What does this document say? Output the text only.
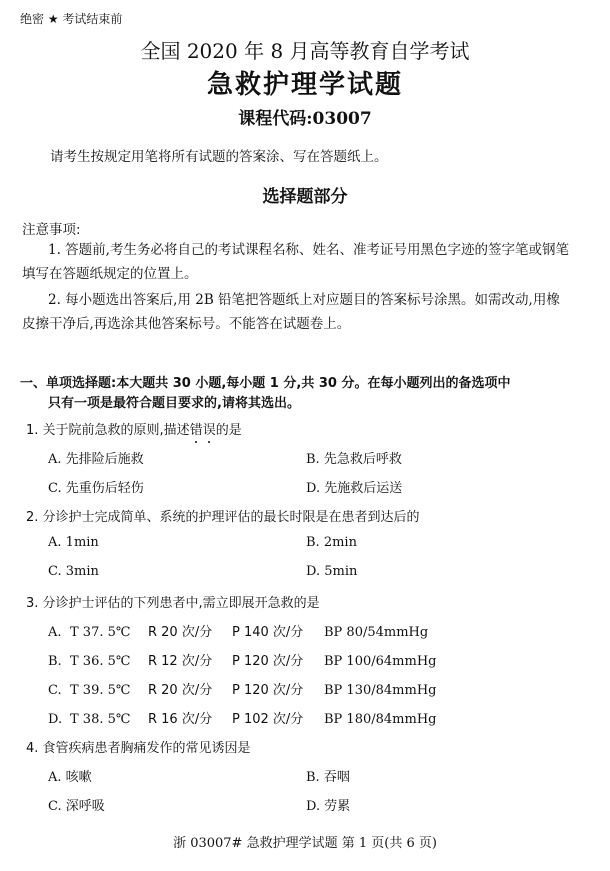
绝密 ★ 考试结束前
全国 2020 年 8 月高等教育自学考试
急救护理学试题
课程代码:03007
请考生按规定用笔将所有试题的答案涂、写在答题纸上。
选择题部分
注意事项:
1. 答题前,考生务必将自己的考试课程名称、姓名、准考证号用黑色字迹的签字笔或钢笔
填写在答题纸规定的位置上。
2. 每小题选出答案后,用 2B 铅笔把答题纸上对应题目的答案标号涂黑。如需改动,用橡
皮擦干净后,再选涂其他答案标号。不能答在试题卷上。
一、单项选择题:本大题共 30 小题,每小题 1 分,共 30 分。在每小题列出的备选项中
只有一项是最符合题目要求的,请将其选出。
1. 关于院前急救的原则,描述错误的是
A. 先排险后施救	B. 先急救后呼救
C. 先重伤后轻伤	D. 先施救后运送
2. 分诊护士完成简单、系统的护理评估的最长时限是在患者到达后的
A. 1min	B. 2min
C. 3min	D. 5min
3. 分诊护士评估的下列患者中,需立即展开急救的是
A. T 37. 5℃ R 20 次/分 P 140 次/分 BP 80/54mmHg
B. T 36. 5℃ R 12 次/分 P 120 次/分 BP 100/64mmHg
C. T 39. 5℃ R 20 次/分 P 120 次/分 BP 130/84mmHg
D. T 38. 5℃ R 16 次/分 P 102 次/分 BP 180/84mmHg
4. 食管疾病患者胸痛发作的常见诱因是
A. 咳嗽	B. 吞咽
C. 深呼吸	D. 劳累
浙 03007# 急救护理学试题 第 1 页(共 6 页)
